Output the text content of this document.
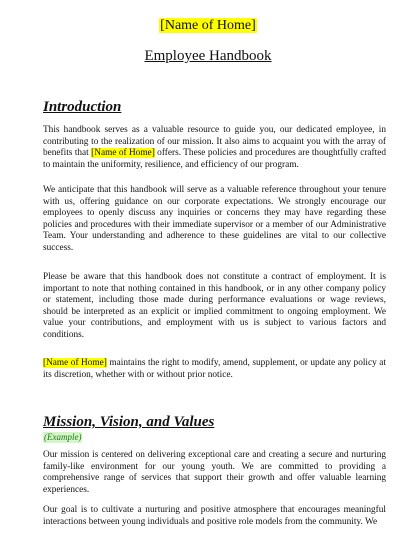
[Name of Home]
Employee Handbook
Introduction
This handbook serves as a valuable resource to guide you, our dedicated employee, in contributing to the realization of our mission. It also aims to acquaint you with the array of benefits that [Name of Home] offers. These policies and procedures are thoughtfully crafted to maintain the uniformity, resilience, and efficiency of our program.
We anticipate that this handbook will serve as a valuable reference throughout your tenure with us, offering guidance on our corporate expectations. We strongly encourage our employees to openly discuss any inquiries or concerns they may have regarding these policies and procedures with their immediate supervisor or a member of our Administrative Team. Your understanding and adherence to these guidelines are vital to our collective success.
Please be aware that this handbook does not constitute a contract of employment. It is important to note that nothing contained in this handbook, or in any other company policy or statement, including those made during performance evaluations or wage reviews, should be interpreted as an explicit or implied commitment to ongoing employment. We value your contributions, and employment with us is subject to various factors and conditions.
[Name of Home] maintains the right to modify, amend, supplement, or update any policy at its discretion, whether with or without prior notice.
Mission, Vision, and Values
(Example)
Our mission is centered on delivering exceptional care and creating a secure and nurturing family-like environment for our young youth. We are committed to providing a comprehensive range of services that support their growth and offer valuable learning experiences.
Our goal is to cultivate a nurturing and positive atmosphere that encourages meaningful interactions between young individuals and positive role models from the community. We
